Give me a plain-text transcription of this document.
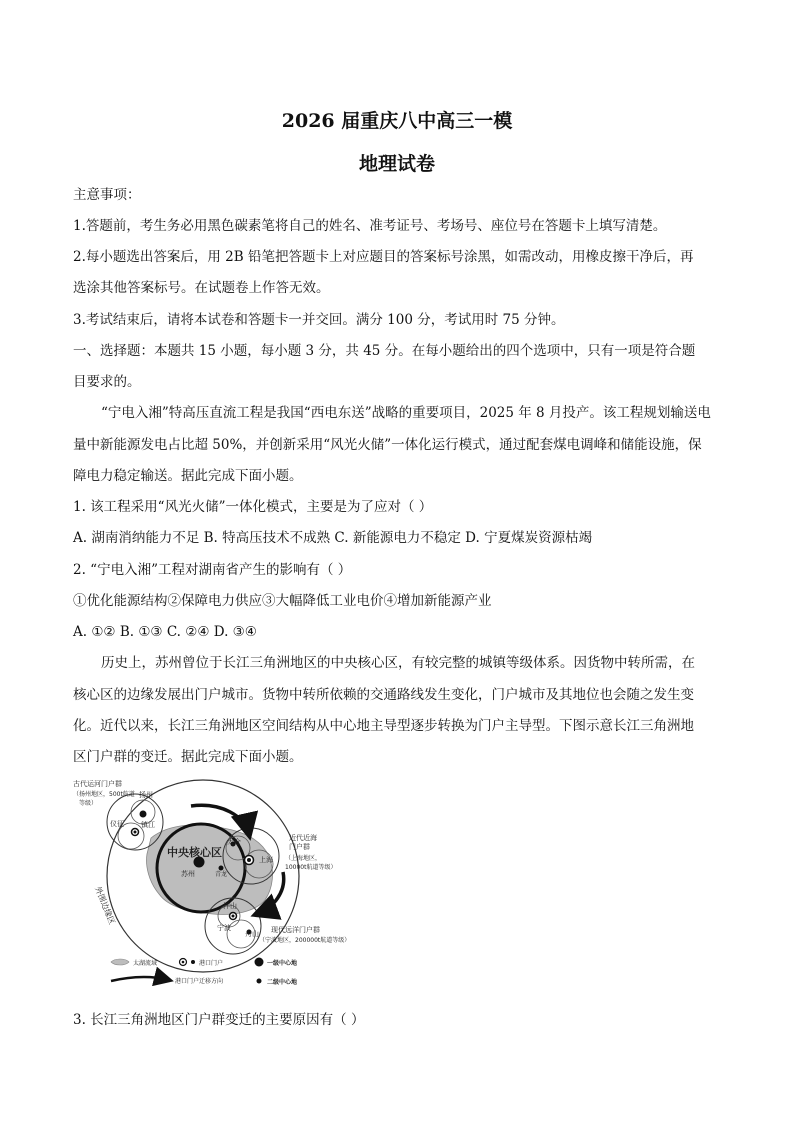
2026 届重庆八中高三一模
地理试卷
主意事项：
1.答题前，考生务必用黑色碳素笔将自己的姓名、准考证号、考场号、座位号在答题卡上填写清楚。
2.每小题选出答案后，用 2B 铅笔把答题卡上对应题目的答案标号涂黑，如需改动，用橡皮擦干净后，再
选涂其他答案标号。在试题卷上作答无效。
3.考试结束后，请将本试卷和答题卡一并交回。满分 100 分，考试用时 75 分钟。
一、选择题：本题共 15 小题，每小题 3 分，共 45 分。在每小题给出的四个选项中，只有一项是符合题
目要求的。
“宁电入湘”特高压直流工程是我国“西电东送”战略的重要项目，2025 年 8 月投产。该工程规划输送电
量中新能源发电占比超 50%，并创新采用“风光火储”一体化运行模式，通过配套煤电调峰和储能设施，保
障电力稳定输送。据此完成下面小题。
1. 该工程采用“风光火储”一体化模式，主要是为了应对（ ）
A. 湖南消纳能力不足 B. 特高压技术不成熟 C. 新能源电力不稳定 D. 宁夏煤炭资源枯竭
2. “宁电入湘”工程对湖南省产生的影响有（ ）
①优化能源结构②保障电力供应③大幅降低工业电价④增加新能源产业
A. ①② B. ①③ C. ②④ D. ③④
历史上，苏州曾位于长江三角洲地区的中央核心区，有较完整的城镇等级体系。因货物中转所需，在
核心区的边缘发展出门户城市。货物中转所依赖的交通路线发生变化，门户城市及其地位也会随之发生变
化。近代以来，长江三角洲地区空间结构从中心地主导型逐步转换为门户主导型。下图示意长江三角洲地
区门户群的变迁。据此完成下面小题。
古代运河门户群
（扬州地区，500t航道
等级）
扬州
仪征 镇江
近代近海
门户群
（上海地区，
10000t航道等级）
中央核心区
苏州	青龙
太仓
上海
洋山
宁波
舟山 现代远洋门户群
（宁波地区，200000t航道等级）
外围边缘区
太湖流域	港口门户	一级中心地
港口门户迁移方向	二级中心地
3. 长江三角洲地区门户群变迁的主要原因有（ ）
